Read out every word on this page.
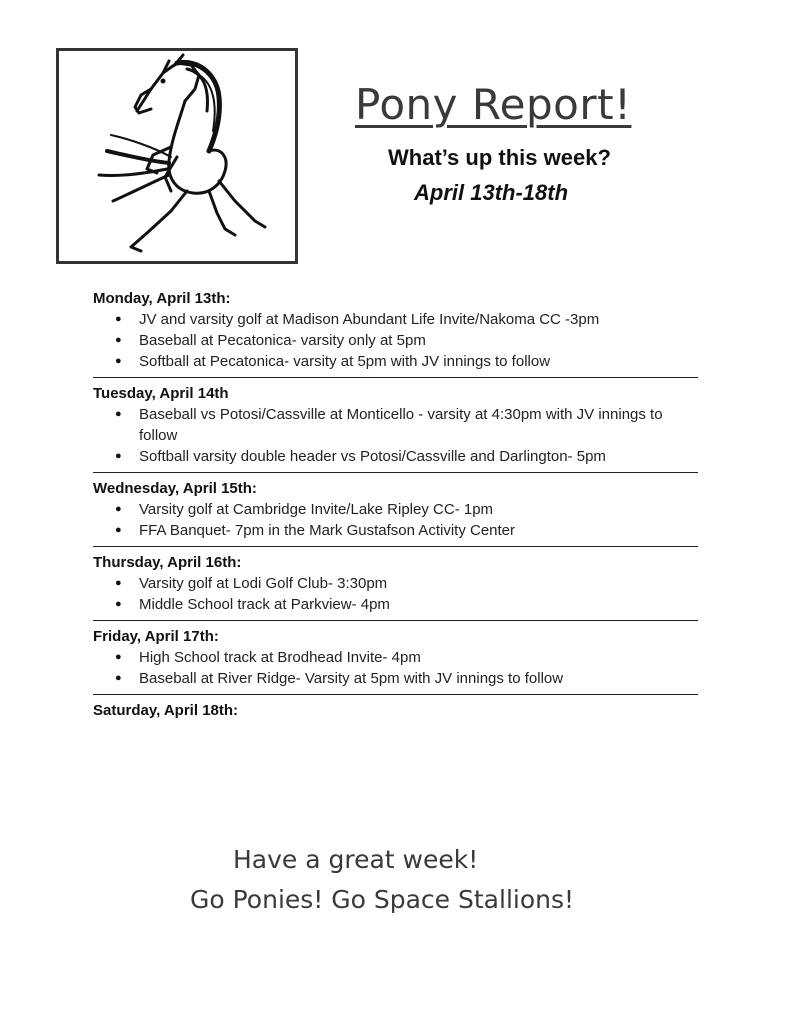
Pony Report!
What’s up this week?
April 13th-18th

Monday, April 13th:

● JV and varsity golf at Madison Abundant Life Invite/Nakoma CC -3pm
● Baseball at Pecatonica- varsity only at 5pm
● Softball at Pecatonica- varsity at 5pm with JV innings to follow

Tuesday, April 14th

● Baseball vs Potosi/Cassville at Monticello - varsity at 4:30pm with JV innings to follow
● Softball varsity double header vs Potosi/Cassville and Darlington- 5pm

Wednesday, April 15th:

● Varsity golf at Cambridge Invite/Lake Ripley CC- 1pm
● FFA Banquet- 7pm in the Mark Gustafson Activity Center

Thursday, April 16th:

● Varsity golf at Lodi Golf Club- 3:30pm
● Middle School track at Parkview- 4pm

Friday, April 17th:

● High School track at Brodhead Invite- 4pm
● Baseball at River Ridge- Varsity at 5pm with JV innings to follow

Saturday, April 18th:

Have a great week!
Go Ponies! Go Space Stallions!
